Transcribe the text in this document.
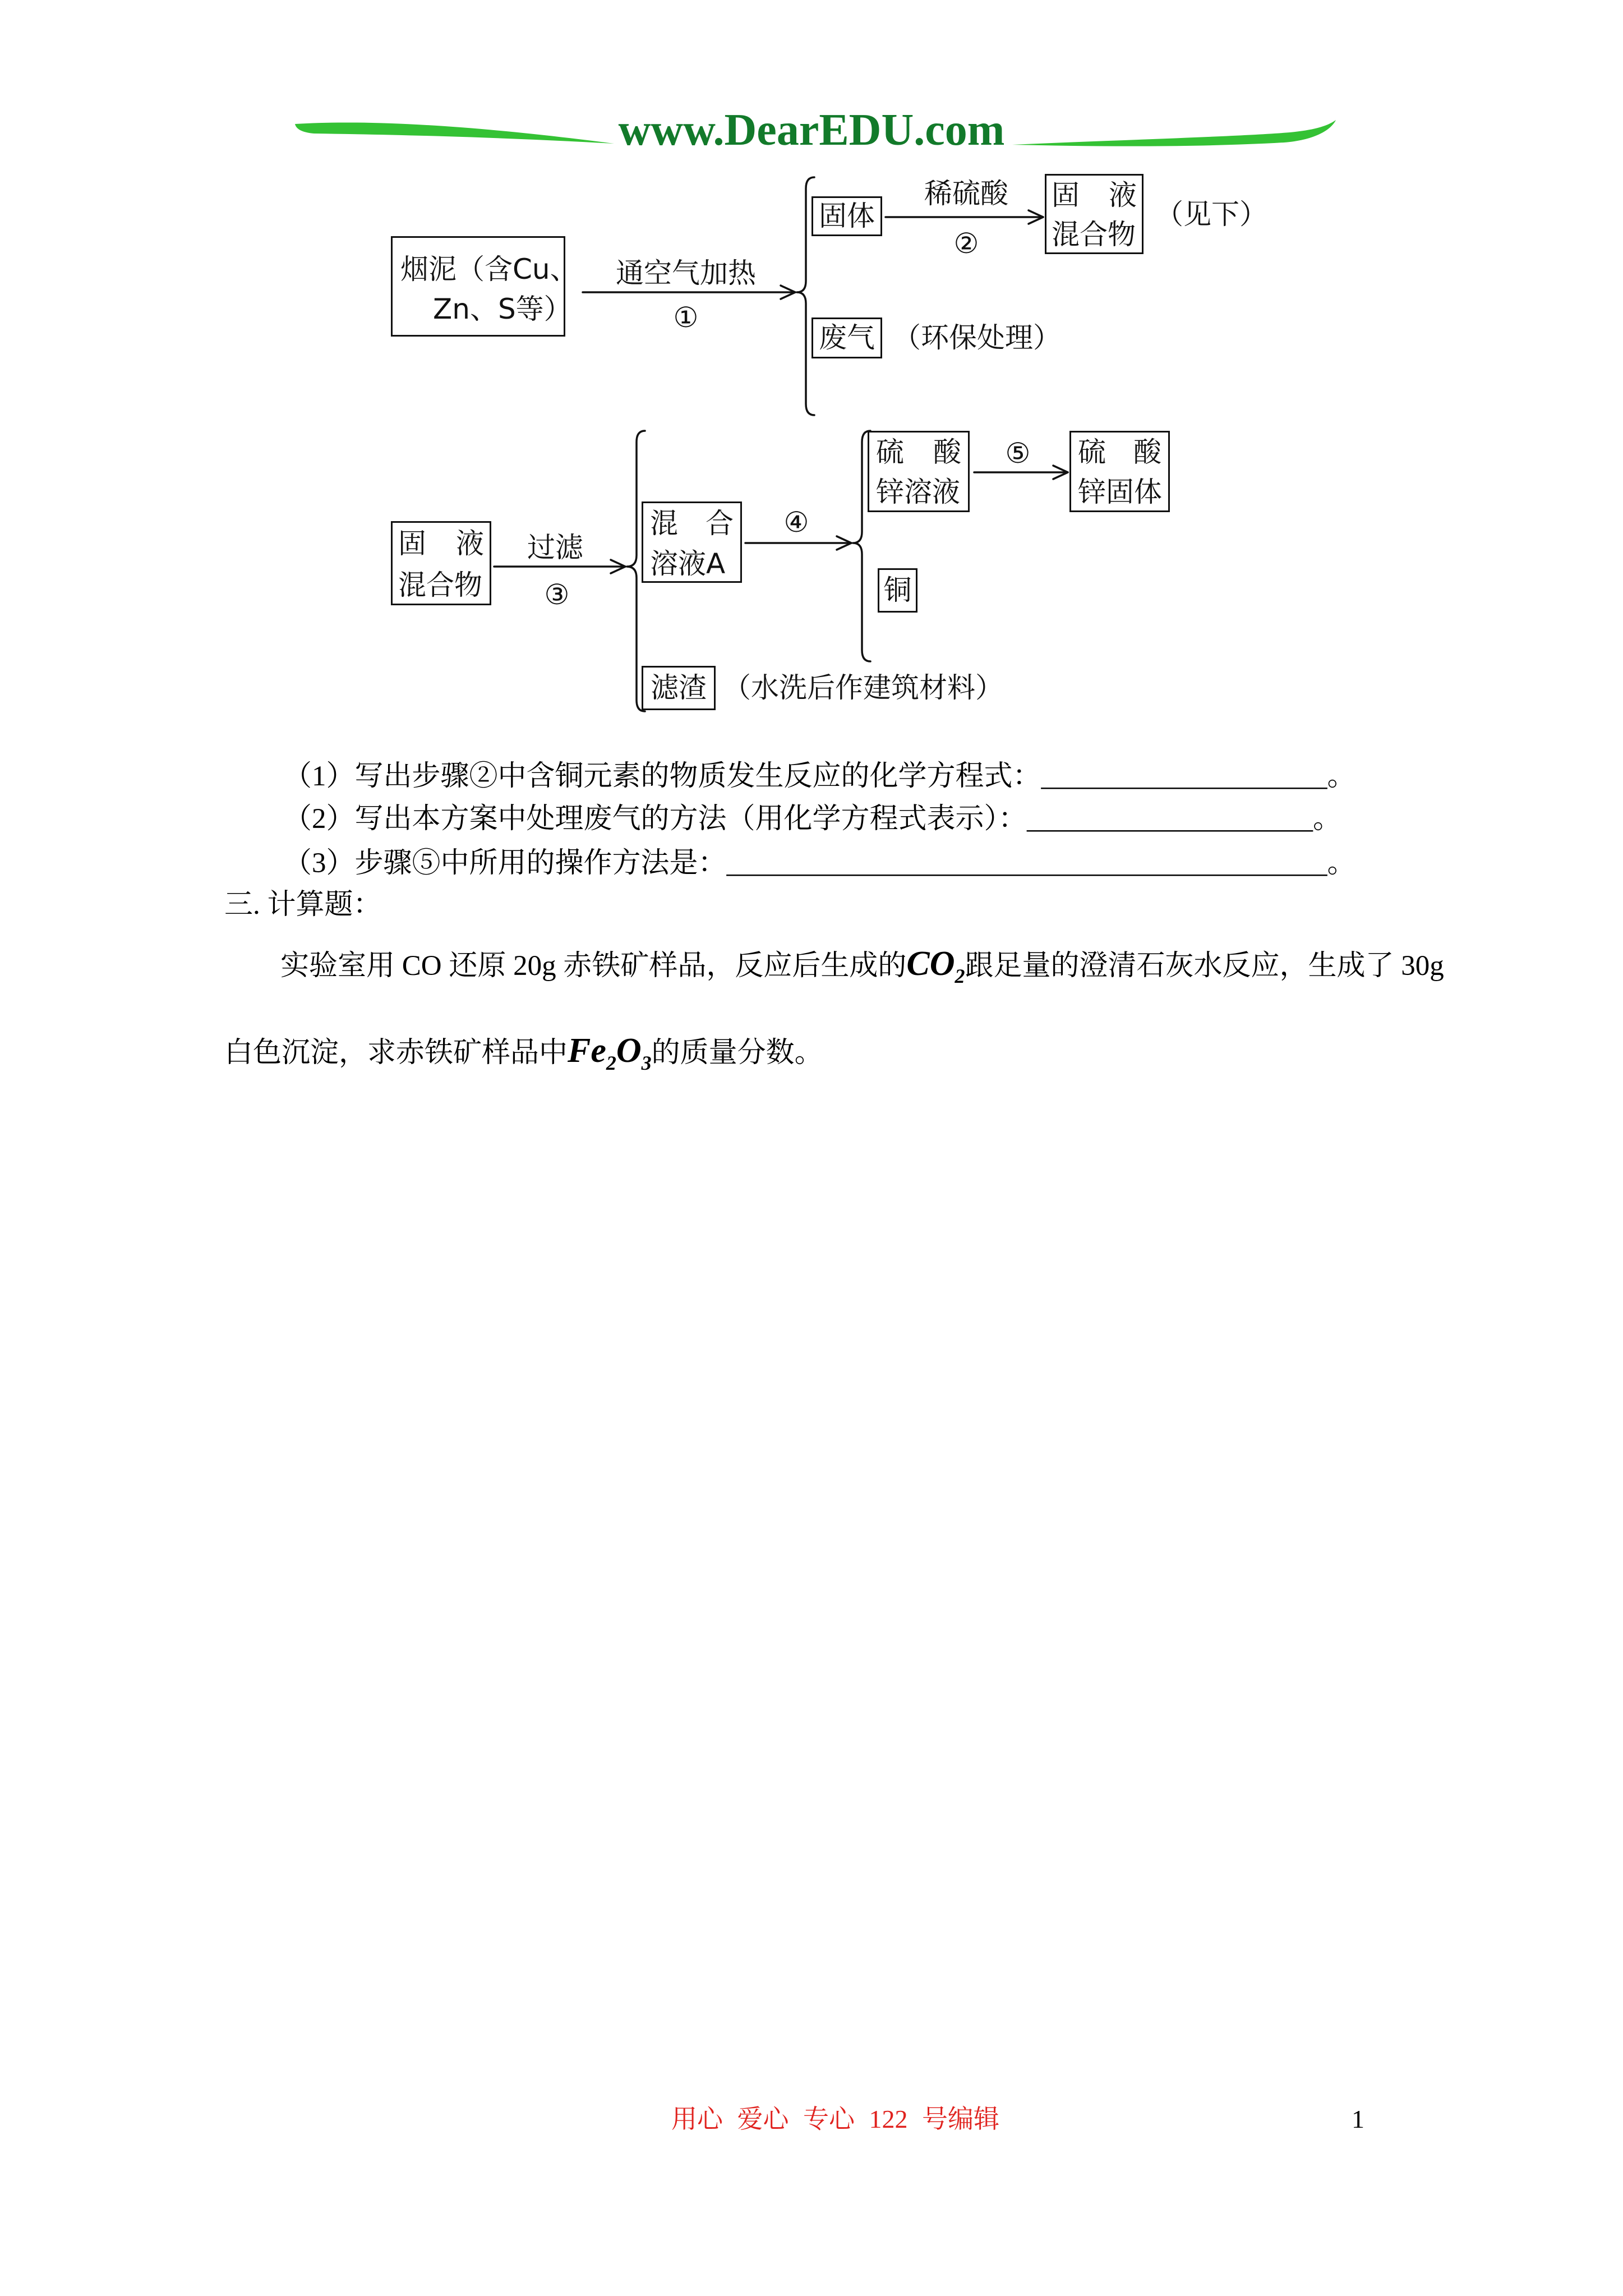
www.DearEDU.com
烟泥（含Cu、
Zn、S等）
通空气加热
①
固体
稀硫酸
②
固 液
混合物
（见下）
废气 （环保处理）
固 液
混合物
过滤
③
混 合
溶液A
④
硫 酸
锌溶液
⑤	硫 酸
锌固体
铜
滤渣 （水洗后作建筑材料）
（1）写出步骤②中含铜元素的物质发生反应的化学方程式：____________________。
（2）写出本方案中处理废气的方法（用化学方程式表示）：____________________。
（3）步骤⑤中所用的操作方法是：__________________________________________。
三. 计算题：
实验室用 CO 还原 20g 赤铁矿样品，反应后生成的$CO_2$跟足量的澄清石灰水反应，生成了 30g
白色沉淀，求赤铁矿样品中$Fe_2O_3$的质量分数。
用心 爱心 专心 122 号编辑	1
